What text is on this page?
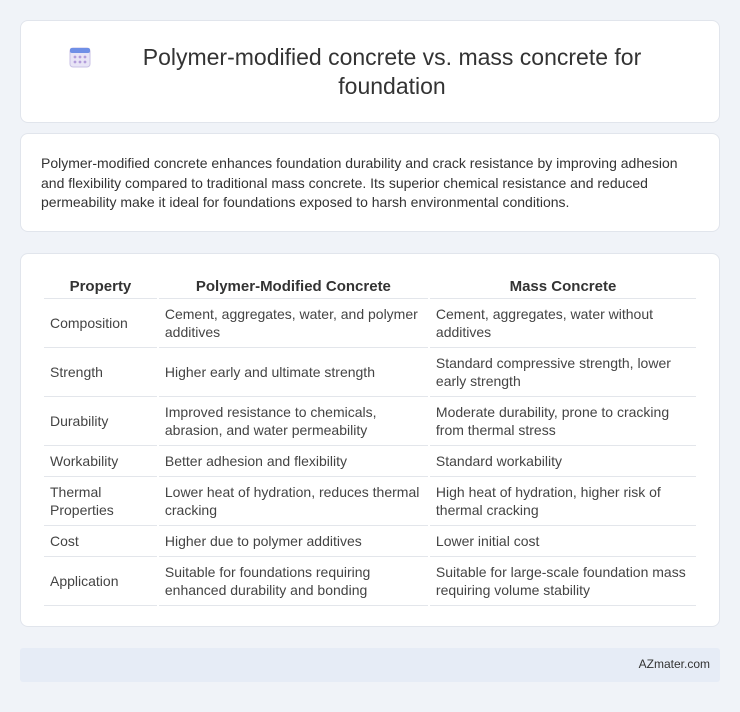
Polymer-modified concrete vs. mass concrete for foundation

Polymer-modified concrete enhances foundation durability and crack resistance by improving adhesion and flexibility compared to traditional mass concrete. Its superior chemical resistance and reduced permeability make it ideal for foundations exposed to harsh environmental conditions.

Property	Polymer-Modified Concrete	Mass Concrete
Composition	Cement, aggregates, water, and polymer additives	Cement, aggregates, water without additives
Strength	Higher early and ultimate strength	Standard compressive strength, lower early strength
Durability	Improved resistance to chemicals, abrasion, and water permeability	Moderate durability, prone to cracking from thermal stress
Workability	Better adhesion and flexibility	Standard workability
Thermal Properties	Lower heat of hydration, reduces thermal cracking	High heat of hydration, higher risk of thermal cracking
Cost	Higher due to polymer additives	Lower initial cost
Application	Suitable for foundations requiring enhanced durability and bonding	Suitable for large-scale foundation mass requiring volume stability
AZmater.com
